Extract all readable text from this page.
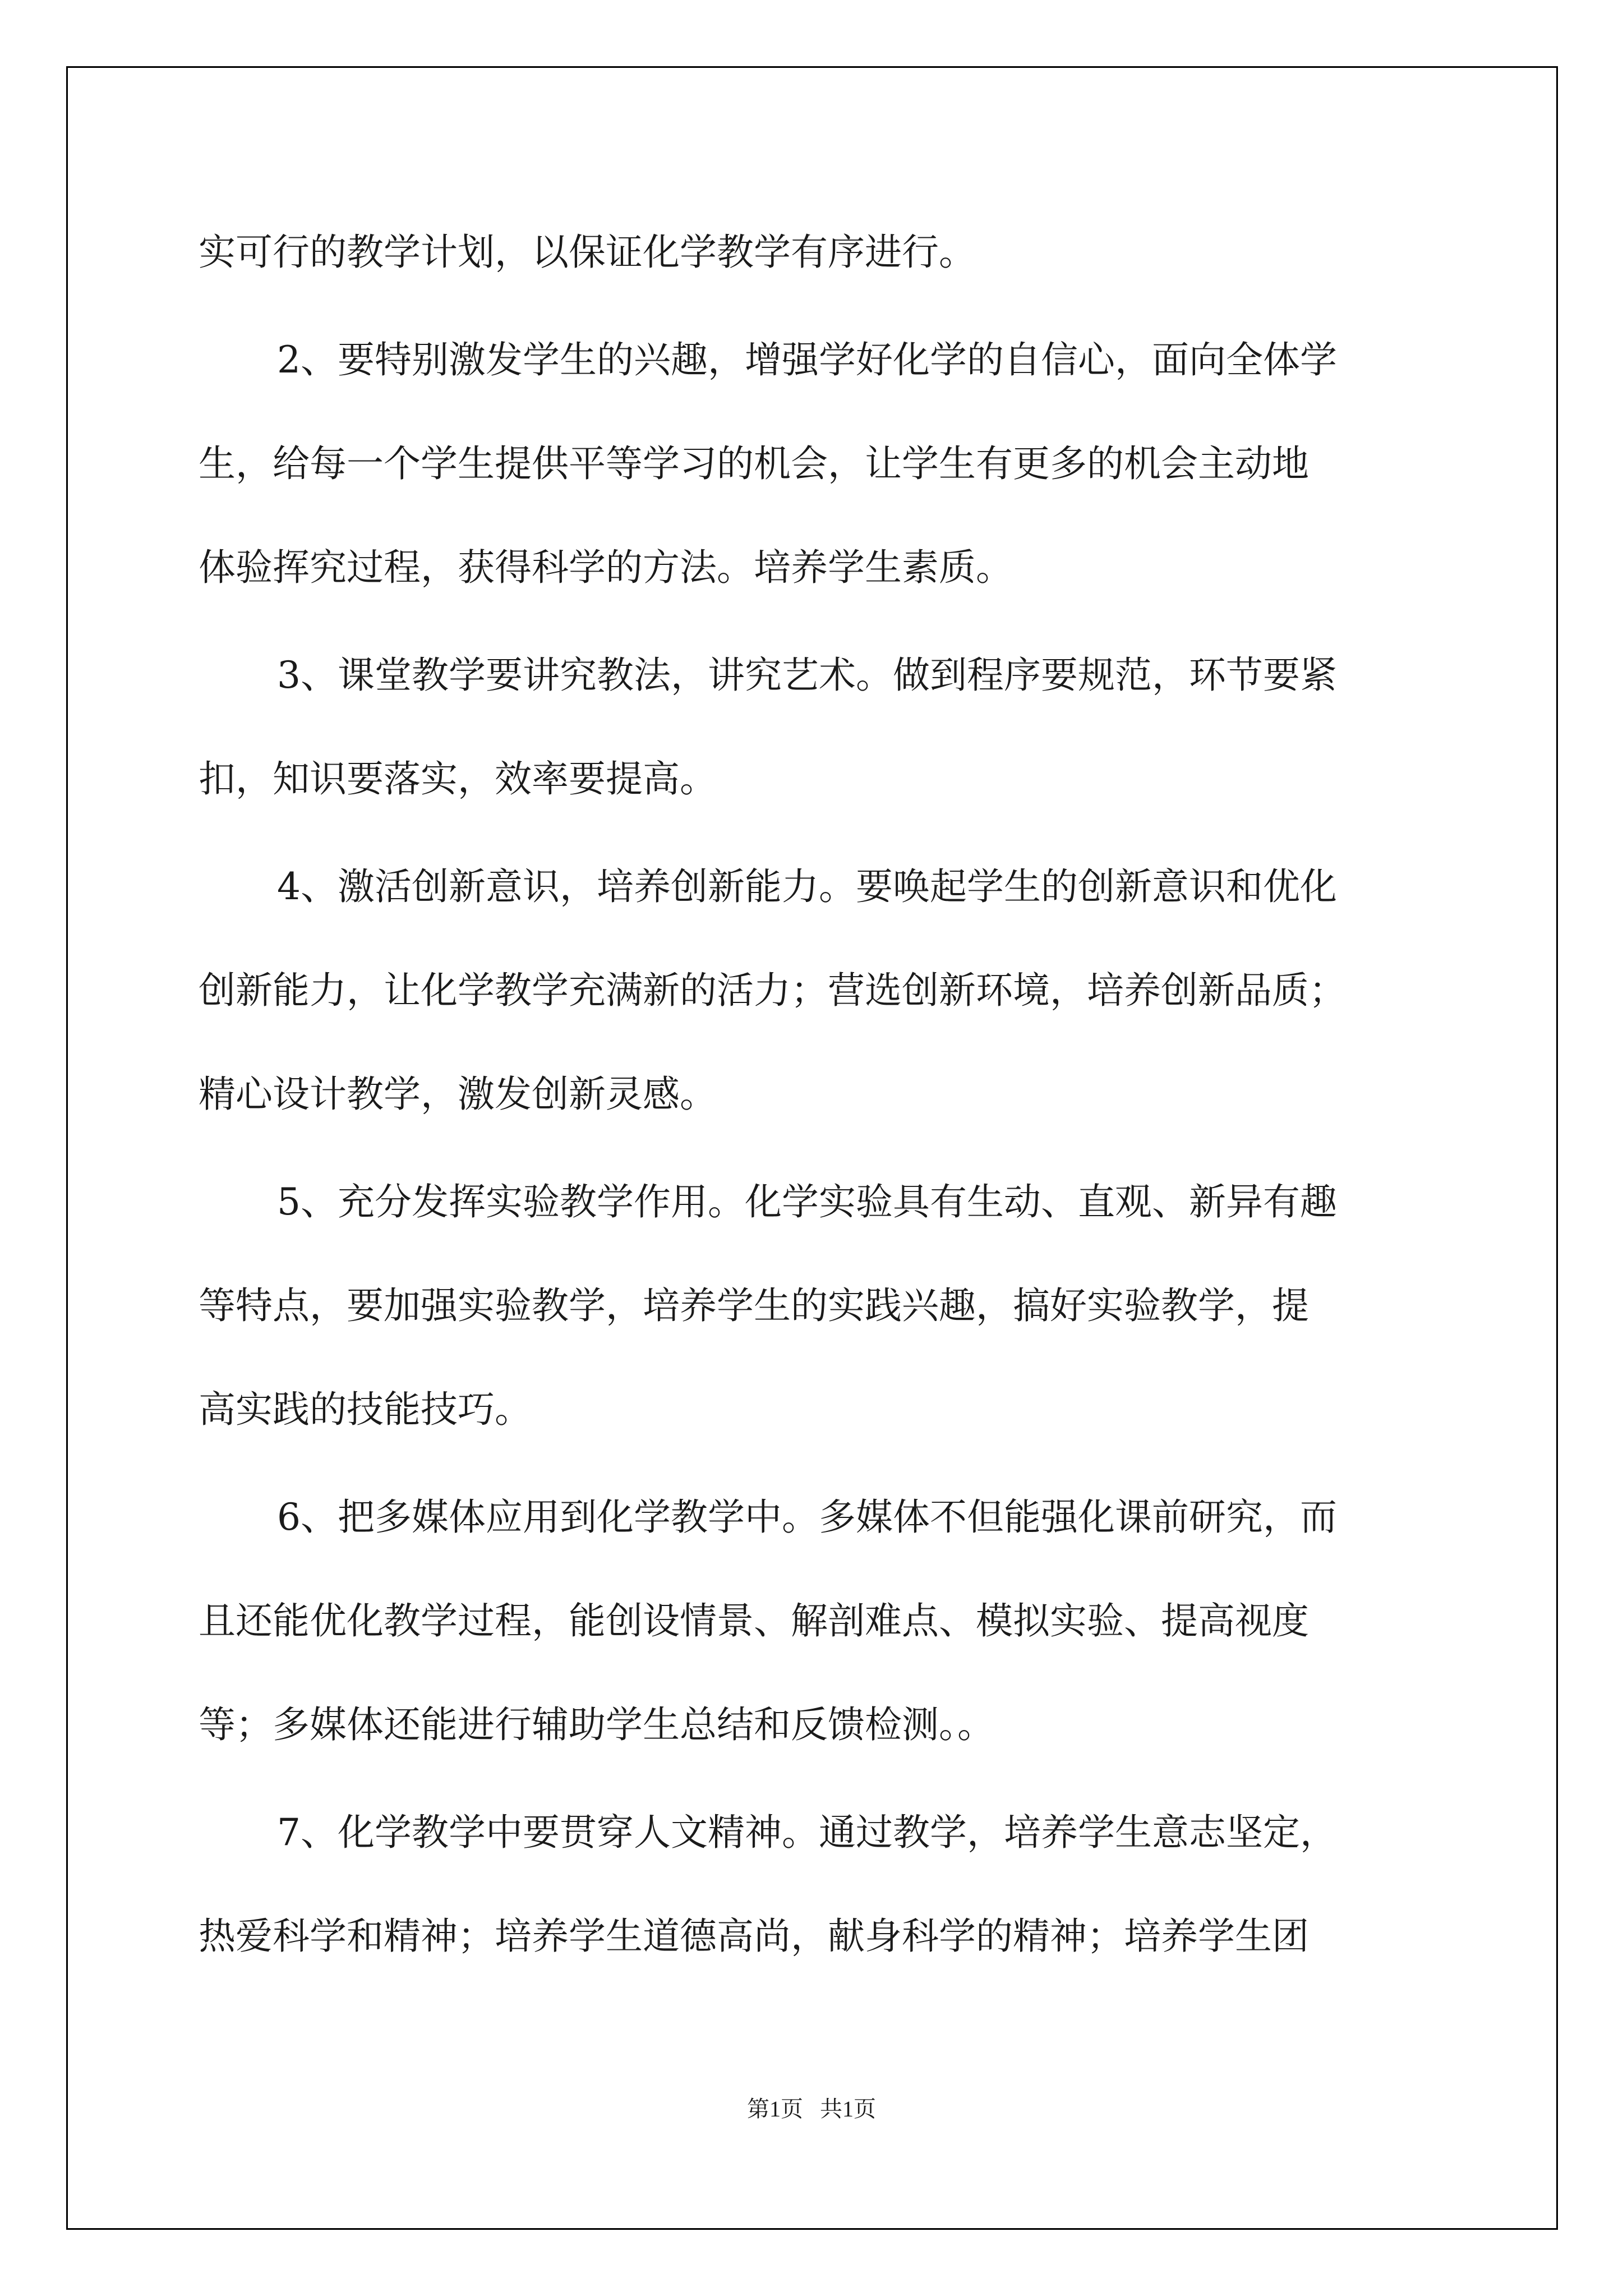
实可行的教学计划，以保证化学教学有序进行。
2、要特别激发学生的兴趣，增强学好化学的自信心，面向全体学
生，给每一个学生提供平等学习的机会，让学生有更多的机会主动地
体验挥究过程，获得科学的方法。培养学生素质。
3、课堂教学要讲究教法，讲究艺术。做到程序要规范，环节要紧
扣，知识要落实，效率要提高。
4、激活创新意识，培养创新能力。要唤起学生的创新意识和优化
创新能力，让化学教学充满新的活力；营选创新环境，培养创新品质；
精心设计教学，激发创新灵感。
5、充分发挥实验教学作用。化学实验具有生动、直观、新异有趣
等特点，要加强实验教学，培养学生的实践兴趣，搞好实验教学，提
高实践的技能技巧。
6、把多媒体应用到化学教学中。多媒体不但能强化课前研究，而
且还能优化教学过程，能创设情景、解剖难点、模拟实验、提高视度
等；多媒体还能进行辅助学生总结和反馈检测。。
7、化学教学中要贯穿人文精神。通过教学，培养学生意志坚定，
热爱科学和精神；培养学生道德高尚，献身科学的精神；培养学生团
第1页   共1页
